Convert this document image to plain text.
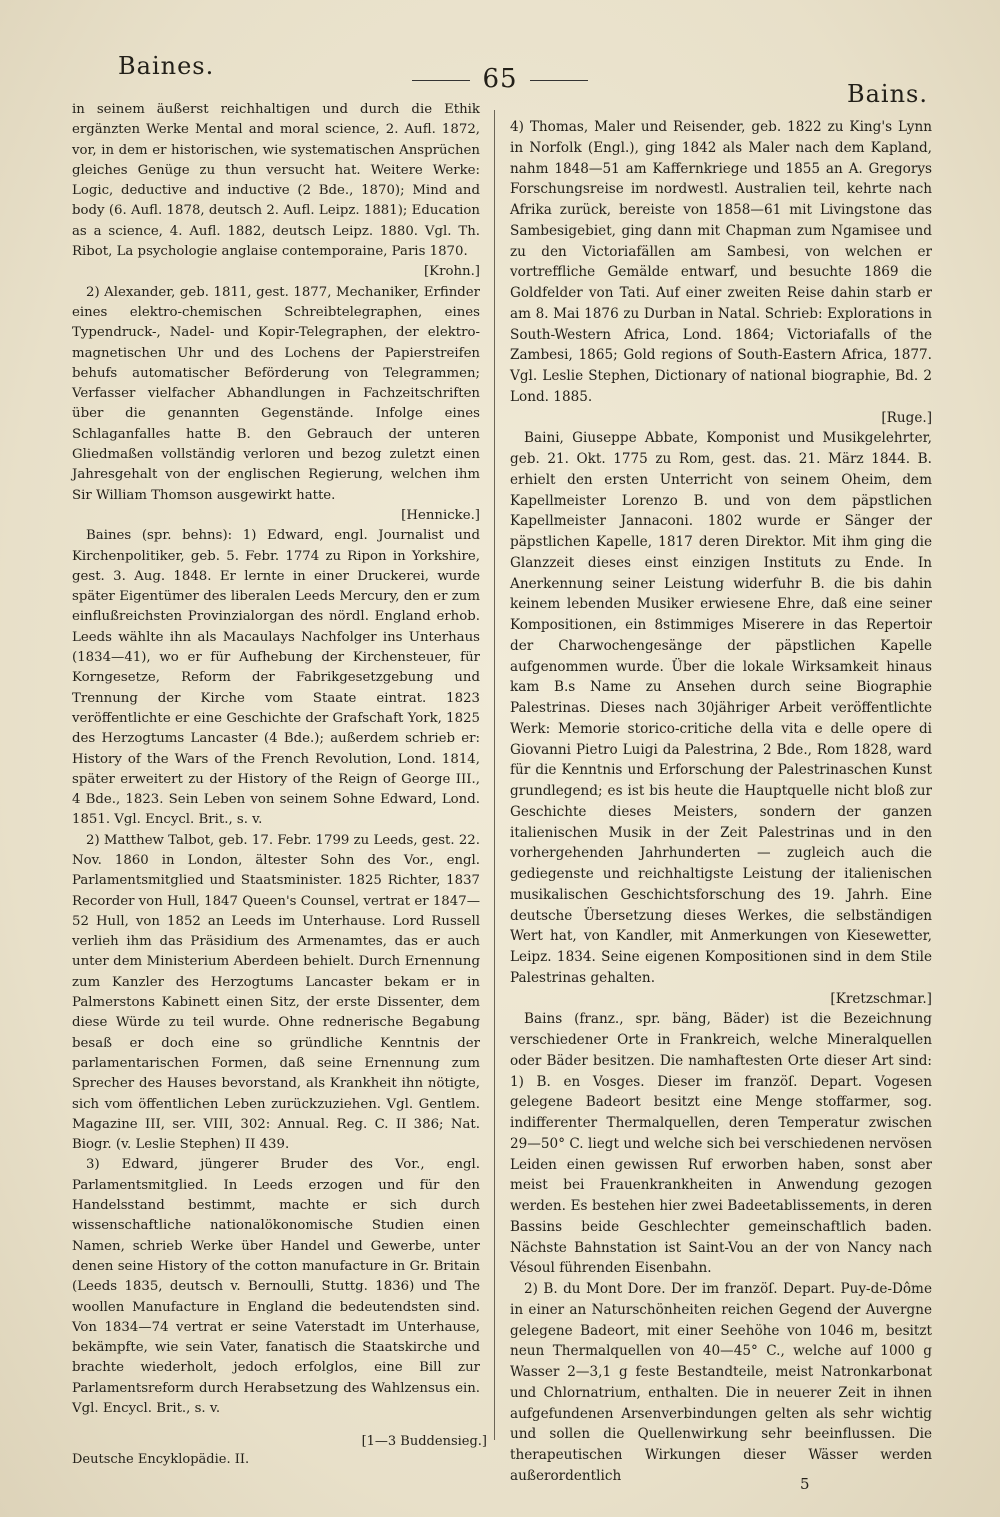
Baines.	65	Bains.

in seinem äußerst reichhaltigen und durch die Ethik ergänzten Werke Mental and moral science, 2. Aufl. 1872, vor, in dem er historischen, wie systematischen Ansprüchen gleiches Genüge zu thun versucht hat. Weitere Werke: Logic, deductive and inductive (2 Bde., 1870); Mind and body (6. Aufl. 1878, deutsch 2. Aufl. Leipz. 1881); Education as a science, 4. Aufl. 1882, deutsch Leipz. 1880. Vgl. Th. Ribot, La psychologie anglaise contemporaine, Paris 1870.

[Krohn.]

2) Alexander, geb. 1811, gest. 1877, Mechaniker, Erfinder eines elektro-chemischen Schreibtelegraphen, eines Typendruck-, Nadel- und Kopir-Telegraphen, der elektro-magnetischen Uhr und des Lochens der Papierstreifen behufs automatischer Beförderung von Telegrammen; Verfasser vielfacher Abhandlungen in Fachzeitschriften über die genannten Gegenstände. Infolge eines Schlaganfalles hatte B. den Gebrauch der unteren Gliedmaßen vollständig verloren und bezog zuletzt einen Jahresgehalt von der englischen Regierung, welchen ihm Sir William Thomson ausgewirkt hatte.

[Hennicke.]

Baines (spr. behns): 1) Edward, engl. Journalist und Kirchenpolitiker, geb. 5. Febr. 1774 zu Ripon in Yorkshire, gest. 3. Aug. 1848. Er lernte in einer Druckerei, wurde später Eigentümer des liberalen Leeds Mercury, den er zum einflußreichsten Provinzialorgan des nördl. England erhob. Leeds wählte ihn als Macaulays Nachfolger ins Unterhaus (1834—41), wo er für Aufhebung der Kirchensteuer, für Korngesetze, Reform der Fabrikgesetzgebung und Trennung der Kirche vom Staate eintrat. 1823 veröffentlichte er eine Geschichte der Grafschaft York, 1825 des Herzogtums Lancaster (4 Bde.); außerdem schrieb er: History of the Wars of the French Revolution, Lond. 1814, später erweitert zu der History of the Reign of George III., 4 Bde., 1823. Sein Leben von seinem Sohne Edward, Lond. 1851. Vgl. Encycl. Brit., s. v.

2) Matthew Talbot, geb. 17. Febr. 1799 zu Leeds, gest. 22. Nov. 1860 in London, ältester Sohn des Vor., engl. Parlamentsmitglied und Staatsminister. 1825 Richter, 1837 Recorder von Hull, 1847 Queen's Counsel, vertrat er 1847—52 Hull, von 1852 an Leeds im Unterhause. Lord Russell verlieh ihm das Präsidium des Armenamtes, das er auch unter dem Ministerium Aberdeen behielt. Durch Ernennung zum Kanzler des Herzogtums Lancaster bekam er in Palmerstons Kabinett einen Sitz, der erste Dissenter, dem diese Würde zu teil wurde. Ohne rednerische Begabung besaß er doch eine so gründliche Kenntnis der parlamentarischen Formen, daß seine Ernennung zum Sprecher des Hauses bevorstand, als Krankheit ihn nötigte, sich vom öffentlichen Leben zurückzuziehen. Vgl. Gentlem. Magazine III, ser. VIII, 302: Annual. Reg. C. II 386; Nat. Biogr. (v. Leslie Stephen) II 439.

3) Edward, jüngerer Bruder des Vor., engl. Parlamentsmitglied. In Leeds erzogen und für den Handelsstand bestimmt, machte er sich durch wissenschaftliche nationalökonomische Studien einen Namen, schrieb Werke über Handel und Gewerbe, unter denen seine History of the cotton manufacture in Gr. Britain (Leeds 1835, deutsch v. Bernoulli, Stuttg. 1836) und The woollen Manufacture in England die bedeutendsten sind. Von 1834—74 vertrat er seine Vaterstadt im Unterhause, bekämpfte, wie sein Vater, fanatisch die Staatskirche und brachte wiederholt, jedoch erfolglos, eine Bill zur Parlamentsreform durch Herabsetzung des Wahlzensus ein. Vgl. Encycl. Brit., s. v.

[1—3 Buddensieg.]
Deutsche Encyklopädie. II.

4) Thomas, Maler und Reisender, geb. 1822 zu King's Lynn in Norfolk (Engl.), ging 1842 als Maler nach dem Kapland, nahm 1848—51 am Kaffernkriege und 1855 an A. Gregorys Forschungsreise im nordwestl. Australien teil, kehrte nach Afrika zurück, bereiste von 1858—61 mit Livingstone das Sambesigebiet, ging dann mit Chapman zum Ngamisee und zu den Victoriafällen am Sambesi, von welchen er vortreffliche Gemälde entwarf, und besuchte 1869 die Goldfelder von Tati. Auf einer zweiten Reise dahin starb er am 8. Mai 1876 zu Durban in Natal. Schrieb: Explorations in South-Western Africa, Lond. 1864; Victoriafalls of the Zambesi, 1865; Gold regions of South-Eastern Africa, 1877. Vgl. Leslie Stephen, Dictionary of national biographie, Bd. 2 Lond. 1885.

[Ruge.]

Baini, Giuseppe Abbate, Komponist und Musikgelehrter, geb. 21. Okt. 1775 zu Rom, gest. das. 21. März 1844. B. erhielt den ersten Unterricht von seinem Oheim, dem Kapellmeister Lorenzo B. und von dem päpstlichen Kapellmeister Jannaconi. 1802 wurde er Sänger der päpstlichen Kapelle, 1817 deren Direktor. Mit ihm ging die Glanzzeit dieses einst einzigen Instituts zu Ende. In Anerkennung seiner Leistung widerfuhr B. die bis dahin keinem lebenden Musiker erwiesene Ehre, daß eine seiner Kompositionen, ein 8stimmiges Miserere in das Repertoir der Charwochengesänge der päpstlichen Kapelle aufgenommen wurde. Über die lokale Wirksamkeit hinaus kam B.s Name zu Ansehen durch seine Biographie Palestrinas. Dieses nach 30jähriger Arbeit veröffentlichte Werk: Memorie storico-critiche della vita e delle opere di Giovanni Pietro Luigi da Palestrina, 2 Bde., Rom 1828, ward für die Kenntnis und Erforschung der Palestrinaschen Kunst grundlegend; es ist bis heute die Hauptquelle nicht bloß zur Geschichte dieses Meisters, sondern der ganzen italienischen Musik in der Zeit Palestrinas und in den vorhergehenden Jahrhunderten — zugleich auch die gediegenste und reichhaltigste Leistung der italienischen musikalischen Geschichtsforschung des 19. Jahrh. Eine deutsche Übersetzung dieses Werkes, die selbständigen Wert hat, von Kandler, mit Anmerkungen von Kiesewetter, Leipz. 1834. Seine eigenen Kompositionen sind in dem Stile Palestrinas gehalten.

[Kretzschmar.]

Bains (franz., spr. bäng, Bäder) ist die Bezeichnung verschiedener Orte in Frankreich, welche Mineralquellen oder Bäder besitzen. Die namhaftesten Orte dieser Art sind: 1) B. en Vosges. Dieser im franzöſ. Depart. Vogesen gelegene Badeort besitzt eine Menge stoffarmer, sog. indifferenter Thermalquellen, deren Temperatur zwischen 29—50° C. liegt und welche sich bei verschiedenen nervösen Leiden einen gewissen Ruf erworben haben, sonst aber meist bei Frauenkrankheiten in Anwendung gezogen werden. Es bestehen hier zwei Badeetablissements, in deren Bassins beide Geschlechter gemeinschaftlich baden. Nächste Bahnstation ist Saint-Vou an der von Nancy nach Vésoul führenden Eisenbahn.

2) B. du Mont Dore. Der im franzöſ. Depart. Puy-de-Dôme in einer an Naturschönheiten reichen Gegend der Auvergne gelegene Badeort, mit einer Seehöhe von 1046 m, besitzt neun Thermalquellen von 40—45° C., welche auf 1000 g Wasser 2—3,1 g feste Bestandteile, meist Natronkarbonat und Chlornatrium, enthalten. Die in neuerer Zeit in ihnen aufgefundenen Arsenverbindungen gelten als sehr wichtig und sollen die Quellenwirkung sehr beeinflussen. Die therapeutischen Wirkungen dieser Wässer werden außerordentlich	5
